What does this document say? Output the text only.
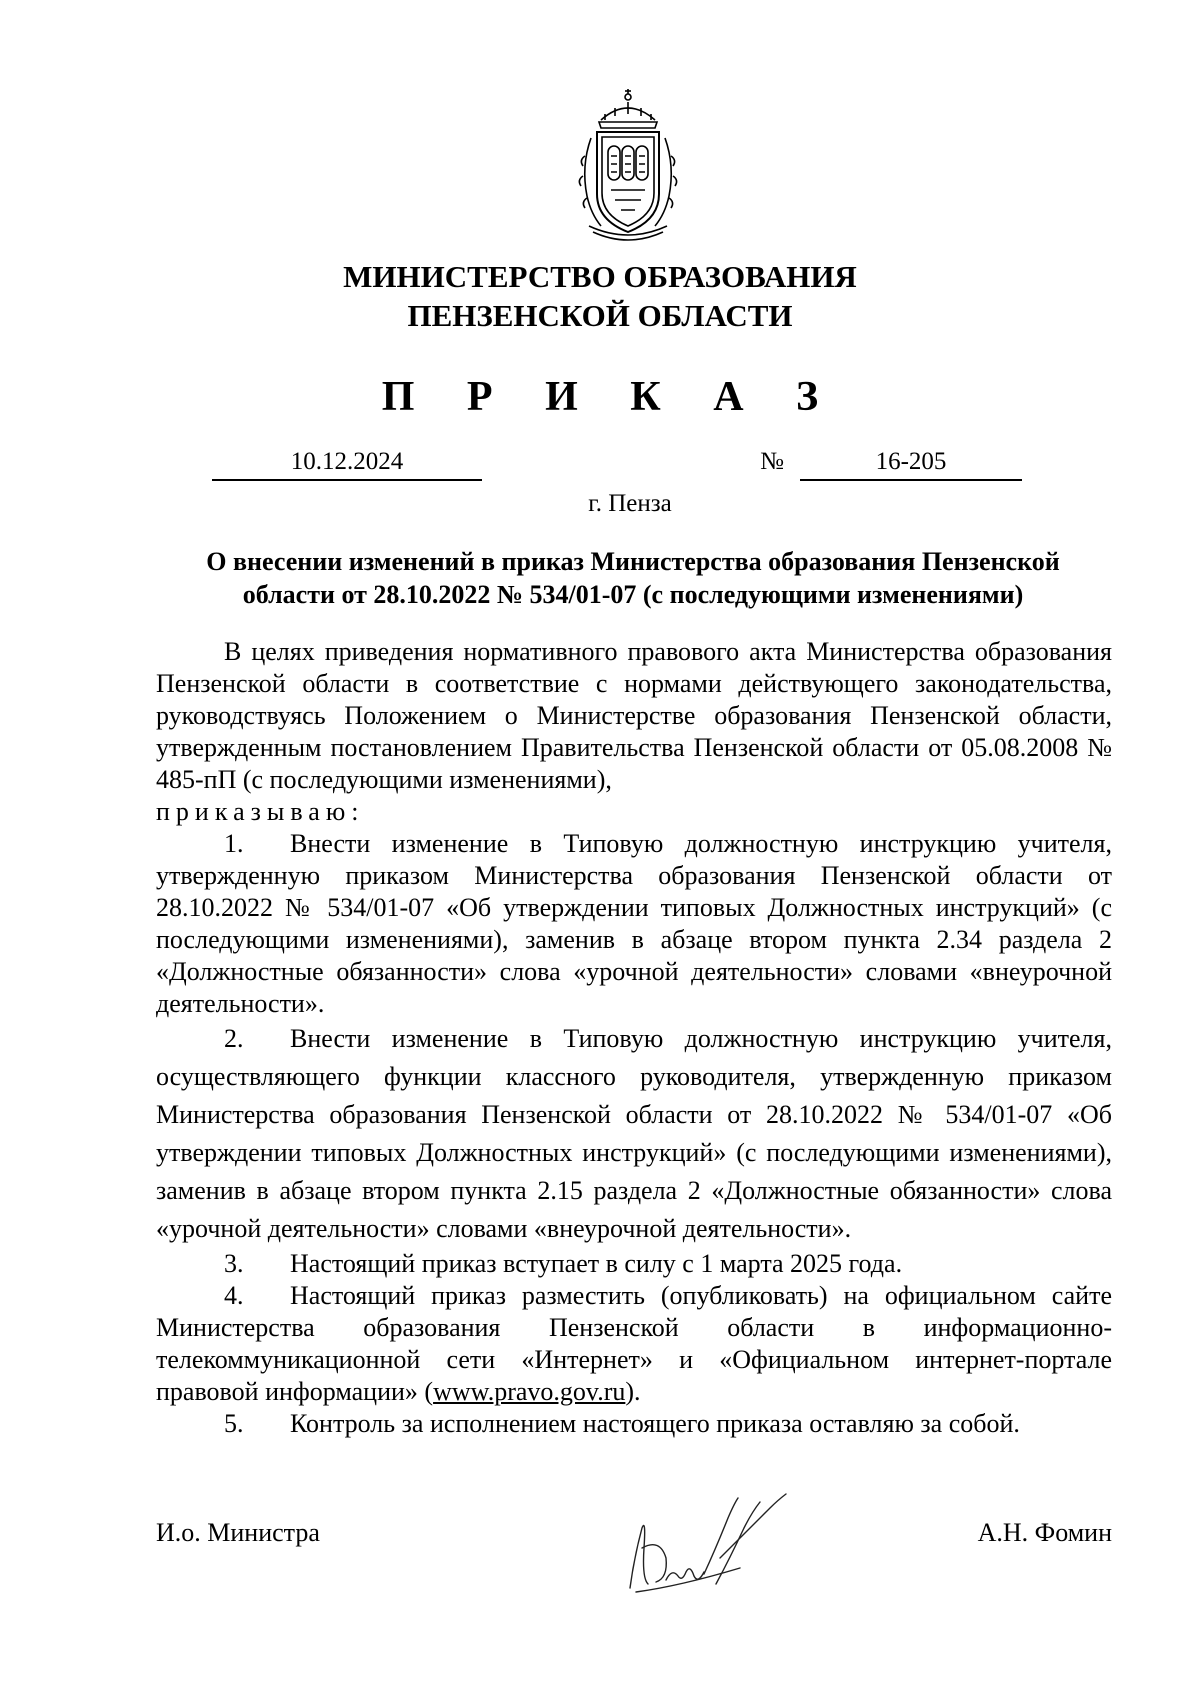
МИНИСТЕРСТВО ОБРАЗОВАНИЯ
ПЕНЗЕНСКОЙ ОБЛАСТИ
П Р И К А З
10.12.2024	№	16-205
г. Пенза
О внесении изменений в приказ Министерства образования Пензенской области от 28.10.2022 № 534/01-07 (с последующими изменениями)

В целях приведения нормативного правового акта Министерства образования Пензенской области в соответствие с нормами действующего законодательства, руководствуясь Положением о Министерстве образования Пензенской области, утвержденным постановлением Правительства Пензенской области от 05.08.2008 № 485-пП (с последующими изменениями),
приказываю:

1. Внести изменение в Типовую должностную инструкцию учителя, утвержденную приказом Министерства образования Пензенской области от 28.10.2022 № 534/01-07 «Об утверждении типовых Должностных инструкций» (с последующими изменениями), заменив в абзаце втором пункта 2.34 раздела 2 «Должностные обязанности» слова «урочной деятельности» словами «внеурочной деятельности».

2. Внести изменение в Типовую должностную инструкцию учителя, осуществляющего функции классного руководителя, утвержденную приказом Министерства образования Пензенской области от 28.10.2022 № 534/01-07 «Об утверждении типовых Должностных инструкций» (с последующими изменениями), заменив в абзаце втором пункта 2.15 раздела 2 «Должностные обязанности» слова «урочной деятельности» словами «внеурочной деятельности».

3. Настоящий приказ вступает в силу с 1 марта 2025 года.

4. Настоящий приказ разместить (опубликовать) на официальном сайте Министерства образования Пензенской области в информационно-телекоммуникационной сети «Интернет» и «Официальном интернет-портале правовой информации» (www.pravo.gov.ru).

5. Контроль за исполнением настоящего приказа оставляю за собой.

И.о. Министра	А.Н. Фомин
